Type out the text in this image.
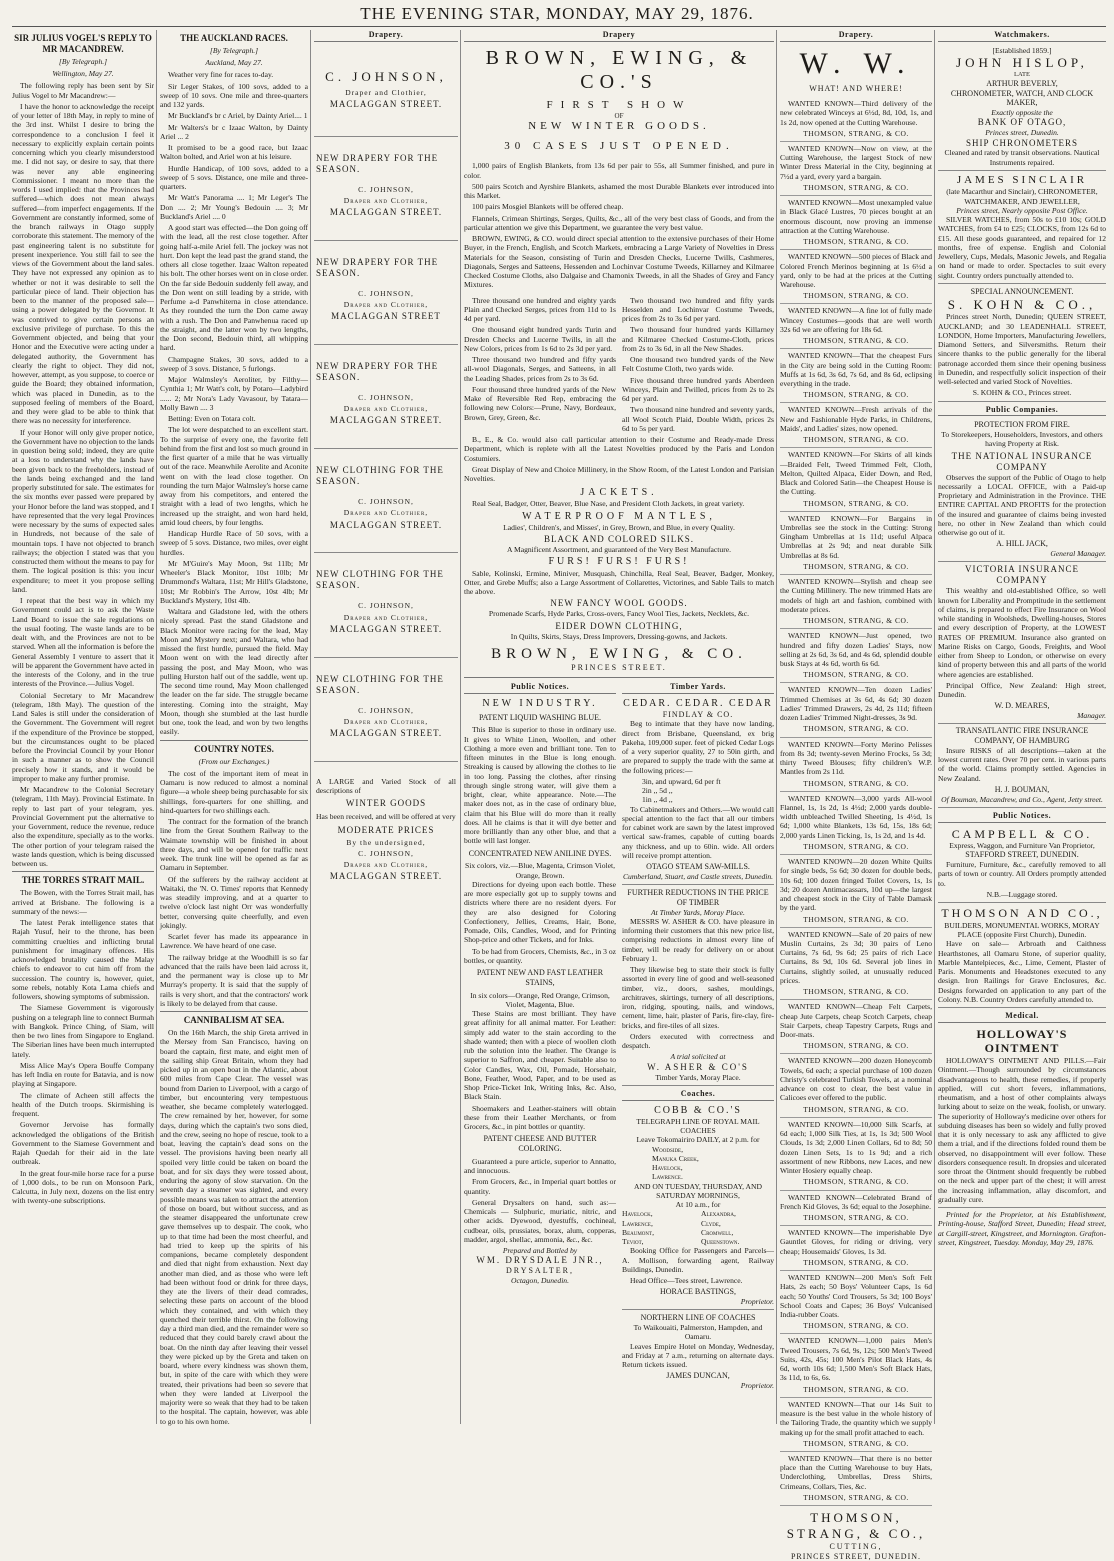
THE EVENING STAR, MONDAY, MAY 29, 1876.
SIR JULIUS VOGEL'S REPLY TO MR MACANDREW.
[By Telegraph.]
Wellington, May 27.
The following reply has been sent by Sir Julius Vogel to Mr Macandrew:—
I have the honor to acknowledge the receipt of your letter of 18th May, in reply to mine of the 3rd inst. Whilst I desire to bring the correspondence to a conclusion I feel it necessary to explicitly explain certain points concerning which you clearly misunderstood me. I did not say, or desire to say, that there was never any able engineering Commissioner. I meant no more than the words I used implied: that the Provinces had suffered—which does not mean always suffered—from imperfect engagements. If the Government are constantly informed, some of the branch railways in Otago supply corroborate this statement. The memory of the past engineering talent is no substitute for present inexperience. You still fail to see the views of the Government about the land sales. They have not expressed any opinion as to whether or not it was desirable to sell the particular piece of land. Their objection has been to the manner of the proposed sale—using a power delegated by the Governor. It was contrived to give certain persons an exclusive privilege of purchase. To this the Government objected, and being that your Honor and the Executive were acting under a delegated authority, the Government has clearly the right to object. They did not, however, attempt, as you suppose, to coerce or guide the Board; they obtained information, which was placed in Dunedin, as to the supposed feeling of members of the Board, and they were glad to be able to think that there was no necessity for interference.
If your Honor will only give proper notice, the Government have no objection to the lands in question being sold; indeed, they are quite at a loss to understand why the lands have been given back to the freeholders, instead of the lands being exchanged and the land properly substituted for sale. The estimates for the six months ever passed were prepared by your Honor before the land was stopped, and I have represented that the very legal Provinces were necessary by the sums of expected sales in Hundreds, not because of the sale of mountain tops. I have not objected to branch railways; the objection I stated was that you constructed them without the means to pay for them. The logical position is this: you incur expenditure; to meet it you propose selling land.
I repeat that the best way in which my Government could act is to ask the Waste Land Board to issue the sale regulations on the usual footing. The waste lands are to be dealt with, and the Provinces are not to be starved. When all the information is before the General Assembly I venture to assert that it will be apparent the Government have acted in the interests of the Colony, and in the true interests of the Province.—Julius Vogel.
Colonial Secretary to Mr Macandrew (telegram, 18th May). The question of the Land Sales is still under the consideration of the Government. The Government will regret if the expenditure of the Province be stopped, but the circumstances ought to be placed before the Provincial Council by your Honor in such a manner as to show the Council precisely how it stands, and it would be improper to make any further promise.
Mr Macandrew to the Colonial Secretary (telegram, 11th May). Provincial Estimate. In reply to last part of your telegram, yes. Provincial Government put the alternative to your Government, reduce the revenue, reduce also the expenditure, specially as to the works. The other portion of your telegram raised the waste lands question, which is being discussed between us.
THE TORRES STRAIT MAIL.
The Bowen, with the Torres Strait mail, has arrived at Brisbane. The following is a summary of the news:—
The latest Perak intelligence states that Rajah Yusuf, heir to the throne, has been committing cruelties and inflicting brutal punishment for imaginary offences. His acknowledged brutality caused the Malay chiefs to endeavor to cut him off from the succession. The country is, however, quiet, some rebels, notably Kota Lama chiefs and followers, showing symptoms of submission.
The Siamese Government is vigorously pushing on a telegraph line to connect Burmah with Bangkok. Prince Ching, of Siam, will then be two lines from Singapore to England. The Siberian lines have been much interrupted lately.
Miss Alice May's Opera Bouffe Company has left India en route for Batavia, and is now playing at Singapore.
The climate of Acheen still affects the health of the Dutch troops. Skirmishing is frequent.
Governor Jervoise has formally acknowledged the obligations of the British Government to the Siamese Government and Rajah Quedah for their aid in the late outbreak.
In the great four-mile horse race for a purse of 1,000 dols., to be run on Monsoon Park, Calcutta, in July next, dozens on the list entry with twenty-one subscriptions.
THE AUCKLAND RACES.
[By Telegraph.]
Auckland, May 27.
Weather very fine for races to-day.
Sir Leger Stakes, of 100 sovs, added to a sweep of 10 sovs. One mile and three-quarters and 132 yards.
Mr Buckland's br c Ariel, by Dainty Ariel.... 1
Mr Walters's br c Izaac Walton, by Dainty Ariel ... 2
It promised to be a good race, but Izaac Walton bolted, and Ariel won at his leisure.
Hurdle Handicap, of 100 sovs, added to a sweep of 5 sovs. Distance, one mile and three-quarters.
Mr Watt's Panorama .... 1; Mr Leger's The Don .... 2; Mr Young's Bedouin .... 3; Mr Buckland's Ariel .... 0
A good start was effected—the Don going off with the lead, all the rest close together. After going half-a-mile Ariel fell. The jockey was not hurt. Don kept the lead past the grand stand, the others all close together. Izaac Walton repeated his bolt. The other horses went on in close order. On the far side Bedouin suddenly fell away, and the Don went on still leading by a stride, with Perfume a-d Panwhiterna in close attendance. As they rounded the turn the Don came away with a rush. The Don and Panwhenua raced up the straight, and the latter won by two lengths, the Don second, Bedouin third, all whipping hard.
Champagne Stakes, 30 sovs, added to a sweep of 3 sovs. Distance, 5 furlongs.
Major Walmsley's Aeroliter, by Filthy—Cynthia 1; Mr Watt's colt, by Potaro—Ladybird ...... 2; Mr Nora's Lady Vavasour, by Tatara—Molly Bawn .... 3
Betting: Even on Totara colt.
The lot were despatched to an excellent start. To the surprise of every one, the favorite fell behind from the first and lost so much ground in the first quarter of a mile that he was virtually out of the race. Meanwhile Aerolite and Aconite went on with the lead close together. On rounding the turn Major Walmsley's horse came away from his competitors, and entered the straight with a lead of two lengths, which he increased up the straight, and won hard held, amid loud cheers, by four lengths.
Handicap Hurdle Race of 50 sovs, with a sweep of 5 sovs. Distance, two miles, over eight hurdles.
Mr M'Guire's May Moon, 9st 11lb; Mr Wheeler's Black Monitor, 10st 10lb; Mr Drummond's Waltara, 11st; Mr Hill's Gladstone, 10st; Mr Robbin's The Arrow, 10st 4lb; Mr Buckland's Mystery, 10st 4lb.
Waltara and Gladstone led, with the others nicely spread. Past the stand Gladstone and Black Monitor were racing for the lead, May Moon and Mystery next; and Waltara, who had missed the first hurdle, pursued the field. May Moon went on with the lead directly after passing the post, and May Moon, who was pulling Hurston half out of the saddle, went up. The second time round, May Moon challenged the leader on the far side. The struggle became interesting. Coming into the straight, May Moon, though she stumbled at the last hurdle but one, took the lead, and won by two lengths easily.
COUNTRY NOTES.
(From our Exchanges.)
The cost of the important item of meat in Oamaru is now reduced to almost a nominal figure—a whole sheep being purchasable for six shillings, fore-quarters for one shilling, and hind-quarters for two shillings each.
The contract for the formation of the branch line from the Great Southern Railway to the Waimate township will be finished in about three days, and will be opened for traffic next week. The trunk line will be opened as far as Oamaru in September.
Of the sufferers by the railway accident at Waitaki, the 'N. O. Times' reports that Kennedy was steadily improving, and at a quarter to twelve o'clock last night Orr was wonderfully better, conversing quite cheerfully, and even jokingly.
Scarlet fever has made its appearance in Lawrence. We have heard of one case.
The railway bridge at the Woodhill is so far advanced that the rails have been laid across it, and the permanent way is close up to Mr Murray's property. It is said that the supply of rails is very short, and that the contractors' work is likely to be delayed from that cause.
CANNIBALISM AT SEA.
On the 16th March, the ship Greta arrived in the Mersey from San Francisco, having on board the captain, first mate, and eight men of the sailing ship Great Britain, whom they had picked up in an open boat in the Atlantic, about 600 miles from Cape Clear. The vessel was bound from Darien to Liverpool, with a cargo of timber, but encountering very tempestuous weather, she became completely waterlogged. The crew remained by her, however, for some days, during which the captain's two sons died, and the crew, seeing no hope of rescue, took to a boat, leaving the captain's dead sons on the vessel. The provisions having been nearly all spoiled very little could be taken on board the boat, and for six days they were tossed about, enduring the agony of slow starvation. On the seventh day a steamer was sighted, and every possible means was taken to attract the attention of those on board, but without success, and as the steamer disappeared the unfortunate crew gave themselves up to despair. The cook, who up to that time had been the most cheerful, and had tried to keep up the spirits of his companions, became completely despondent and died that night from exhaustion. Next day another man died, and as those who were left had been without food or drink for three days, they ate the livers of their dead comrades, selecting these parts on account of the blood which they contained, and with which they quenched their terrible thirst. On the following day a third man died, and the remainder were so reduced that they could barely crawl about the boat. On the ninth day after leaving their vessel they were picked up by the Greta and taken on board, where every kindness was shown them, but, in spite of the care with which they were treated, their privations had been so severe that when they were landed at Liverpool the majority were so weak that they had to be taken to the hospital. The captain, however, was able to go to his own home.
Drapery.
C. JOHNSON,
Draper and Clothier,
MACLAGGAN STREET.
NEW DRAPERY FOR THE SEASON.
C. JOHNSON,
Draper and Clothier,
MACLAGGAN STREET.
NEW DRAPERY FOR THE SEASON.
C. JOHNSON,
Draper and Clothier,
MACLAGGAN STREET
NEW DRAPERY FOR THE SEASON.
C. JOHNSON,
Draper and Clothier,
MACLAGGAN STREET.
NEW CLOTHING FOR THE SEASON.
C. JOHNSON,
Draper and Clothier,
MACLAGGAN STREET.
NEW CLOTHING FOR THE SEASON.
C. JOHNSON,
Draper and Clothier,
MACLAGGAN STREET.
NEW CLOTHING FOR THE SEASON.
C. JOHNSON,
Draper and Clothier,
MACLAGGAN STREET.
A LARGE and Varied Stock of all descriptions of
WINTER GOODS
Has been received, and will be offered at very
MODERATE PRICES
By the undersigned,
C. JOHNSON,
Draper and Clothier,
MACLAGGAN STREET.
Drapery
BROWN, EWING, & CO.'S
FIRST SHOW
OF
NEW WINTER GOODS.
30 CASES JUST OPENED.
1,000 pairs of English Blankets, from 13s 6d per pair to 55s, all Summer finished, and pure in color.
500 pairs Scotch and Ayrshire Blankets, ashamed the most Durable Blankets ever introduced into this Market.
100 pairs Mosgiel Blankets will be offered cheap.
Flannels, Crimean Shirtings, Serges, Quilts, &c., all of the very best class of Goods, and from the particular attention we give this Department, we guarantee the very best value.
BROWN, EWING, & CO. would direct special attention to the extensive purchases of their Home Buyer, in the French, English, and Scotch Markets, embracing a Large Variety of Novelties in Dress Materials for the Season, consisting of Turin and Dresden Checks, Lucerne Twills, Cashmeres, Diagonals, Serges and Satteens, Hessenden and Lochinvar Costume Tweeds, Killarney and Kilmaree Checked Costume Cloths, also Dalgaise and Chamonix Tweeds, in all the Shades of Grey and Fancy Mixtures.
Three thousand one hundred and eighty yards Plain and Checked Serges, prices from 11d to 1s 4d per yard.
One thousand eight hundred yards Turin and Dresden Checks and Lucerne Twills, in all the New Colors, prices from 1s 6d to 2s 3d per yard.
Three thousand two hundred and fifty yards all-wool Diagonals, Serges, and Satteens, in all the Leading Shades, prices from 2s to 3s 6d.
Four thousand three hundred yards of the New Make of Reversible Red Rep, embracing the following new Colors:—Prune, Navy, Bordeaux, Brown, Grey, Green, &c.
Two thousand two hundred and fifty yards Hesselden and Lochinvar Costume Tweeds, prices from 2s to 3s 6d per yard.
Two thousand four hundred yards Killarney and Kilmaree Checked Costume-Cloth, prices from 2s to 3s 6d, in all the New Shades.
One thousand two hundred yards of the New Felt Costume Cloth, two yards wide.
Five thousand three hundred yards Aberdeen Winceys, Plain and Twilled, prices from 2s to 2s 6d per yard.
Two thousand nine hundred and seventy yards, all Wool Scotch Plaid, Double Width, prices 2s 6d to 5s per yard.
B., E., & Co. would also call particular attention to their Costume and Ready-made Dress Department, which is replete with all the Latest Novelties produced by the Paris and London Costumiers.
Great Display of New and Choice Millinery, in the Show Room, of the Latest London and Parisian Novelties.
JACKETS.
Real Seal, Badger, Otter, Beaver, Blue Nase, and President Cloth Jackets, in great variety.
WATERPROOF MANTLES,
Ladies', Children's, and Misses', in Grey, Brown, and Blue, in every Quality.
BLACK AND COLORED SILKS.
A Magnificent Assortment, and guaranteed of the Very Best Manufacture.
FURS! FURS! FURS!
Sable, Kolinski, Ermine, Miniver, Musquash, Chinchilla, Real Seal, Beaver, Badger, Monkey, Otter, and Grebe Muffs; also a Large Assortment of Collarettes, Victorines, and Sable Tails to match the above.
NEW FANCY WOOL GOODS.
Promenade Scarfs, Hyde Parks, Cross-overs, Fancy Wool Ties, Jackets, Necklets, &c.
EIDER DOWN CLOTHING,
In Quilts, Skirts, Stays, Dress Improvers, Dressing-gowns, and Jackets.
BROWN, EWING, & CO.
PRINCES STREET.
Public Notices.
NEW INDUSTRY.
PATENT LIQUID WASHING BLUE.
This Blue is superior to those in ordinary use. It gives to White Linen, Woollen, and other Clothing a more even and brilliant tone. Ten to fifteen minutes in the Blue is long enough. Streaking is caused by allowing the clothes to lie in too long. Passing the clothes, after rinsing through single strong water, will give them a bright, clear, white appearance. Note.—The maker does not, as in the case of ordinary blue, claim that his Blue will do more than it really does. All he claims is that it will dye better and more brilliantly than any other blue, and that a bottle will last longer.
CONCENTRATED NEW ANILINE DYES.
Six colors, viz.—Blue, Magenta, Crimson Violet, Orange, Brown.
Directions for dyeing upon each bottle. These are more especially got up to supply towns and districts where there are no resident dyers. For they are also designed for Coloring Confectionery, Jellies, Creams, Hair, Bone, Pomade, Oils, Candles, Wood, and for Printing Shop-price and other Tickets, and for Inks.
To be had from Grocers, Chemists, &c., in 3 oz bottles, or quantity.
PATENT NEW AND FAST LEATHER STAINS,
In six colors—Orange, Red Orange, Crimson, Violet, Magenta, Blue.
These Stains are most brilliant. They have great affinity for all animal matter. For Leather: simply add water to the stain according to the shade wanted; then with a piece of woollen cloth rub the solution into the leather. The Orange is superior to Saffron, and cheaper. Suitable also to Color Candles, Wax, Oil, Pomade, Horsehair, Bone, Feather, Wood, Paper, and to be used as Shop Price-Ticket Ink, Writing Inks, &c. Also, Black Stain.
Shoemakers and Leather-stainers will obtain these from their Leather Merchants, or from Grocers, &c., in pint bottles or quantity.
PATENT CHEESE AND BUTTER COLORING.
Guaranteed a pure article, superior to Annatto, and innocuous.
From Grocers, &c., in Imperial quart bottles or quantity.
General Drysalters on hand, such as:—Chemicals — Sulphuric, muriatic, nitric, and other acids. Dyewood, dyestuffs, cochineal, cudbear, oils, prussiates, borax, alum, copperas, madder, argol, shellac, ammonia, &c., &c.
Prepared and Bottled by
WM. DRYSDALE JNR.,
DRYSALTER,
Octagon, Dunedin.
Timber Yards.
CEDAR. CEDAR. CEDAR
FINDLAY & CO.
Beg to intimate that they have now landing, direct from Brisbane, Queensland, ex brig Pakeha, 109,000 super. feet of picked Cedar Logs of a very superior quality, 27 to 50in girth, and are prepared to supply the trade with the same at the following prices:—
3in, and upward, 6d per ft
2in ,, 5d ,,
1in ,, 4d ,,
To Cabinetmakers and Others.—We would call special attention to the fact that all our timbers for cabinet work are sawn by the latest improved vertical saw-frames, capable of cutting boards any thickness, and up to 60in. wide. All orders will receive prompt attention.
OTAGO STEAM SAW-MILLS.
Cumberland, Stuart, and Castle streets, Dunedin.
FURTHER REDUCTIONS IN THE PRICE OF TIMBER
At Timber Yards, Moray Place.
MESSRS W. ASHER & CO. have pleasure in informing their customers that this new price list, comprising reductions in almost every line of timber, will be ready for delivery on or about February 1.
They likewise beg to state their stock is fully assorted in every line of good and well-seasoned timber, viz., doors, sashes, mouldings, architraves, skirtings, turnery of all descriptions, iron, ridging, spouting, nails, and windows, cement, lime, hair, plaster of Paris, fire-clay, fire-bricks, and fire-tiles of all sizes.
Orders executed with correctness and despatch.
A trial solicited at
W. ASHER & CO'S
Timber Yards, Moray Place.
Coaches.
COBB & CO.'S
TELEGRAPH LINE OF ROYAL MAIL COACHES
Leave Tokomairiro DAILY, at 2 p.m. for
Woodside,
Manuka Creek,
Havelock,
Lawrence.
AND ON TUESDAY, THURSDAY, AND SATURDAY MORNINGS,
At 10 a.m., for
Havelock,
Lawrence,
Beaumont,
Teviot,
Alexandra,
Clyde,
Cromwell,
Queenstown.
Booking Office for Passengers and Parcels—A. Mollison, forwarding agent, Railway Buildings, Dunedin.
Head Office—Tees street, Lawrence.
HORACE BASTINGS,
Proprietor.
NORTHERN LINE OF COACHES
To Waikouaiti, Palmerston, Hampden, and Oamaru.
Leaves Empire Hotel on Monday, Wednesday, and Friday at 7 a.m., returning on alternate days. Return tickets issued.
JAMES DUNCAN,
Proprietor.
Drapery.
W. W.
WHAT! AND WHERE!
WANTED KNOWN—Third delivery of the new celebrated Winceys at 6½d, 8d, 10d, 1s, and 1s 2d, now opened at the Cutting Warehouse.
THOMSON, STRANG, & CO.
WANTED KNOWN—Now on view, at the Cutting Warehouse, the largest Stock of new Winter Dress Material in the City, beginning at 7½d a yard, every yard a bargain.
THOMSON, STRANG, & CO.
WANTED KNOWN—Most unexampled value in Black Glacé Lustres, 70 pieces bought at an enormous discount, now proving an immense attraction at the Cutting Warehouse.
THOMSON, STRANG, & CO.
WANTED KNOWN—500 pieces of Black and Colored French Merinos beginning at 1s 6½d a yard, only to be had at the prices at the Cutting Warehouse.
THOMSON, STRANG, & CO.
WANTED KNOWN—A fine lot of fully made Wincey Costumes—goods that are well worth 32s 6d we are offering for 18s 6d.
THOMSON, STRANG, & CO.
WANTED KNOWN—That the cheapest Furs in the City are being sold in the Cutting Room: Muffs at 1s 6d, 3s 6d, 7s 6d, and 8s 6d, eclipsing everything in the trade.
THOMSON, STRANG, & CO.
WANTED KNOWN—Fresh arrivals of the New and Fashionable Hyde Parks, in Childrens, Maids', and Ladies' sizes, now opened.
THOMSON, STRANG, & CO.
WANTED KNOWN—For Skirts of all kinds—Braided Felt, Tweed Trimmed Felt, Cloth, Melton, Quilted Alpaca, Eider Down, and Red, Black and Colored Satin—the Cheapest House is the Cutting.
THOMSON, STRANG, & CO.
WANTED KNOWN—For Bargains in Umbrellas see the stock in the Cutting: Strong Gingham Umbrellas at 1s 11d; useful Alpaca Umbrellas at 2s 9d; and neat durable Silk Umbrellas at 8s 6d.
THOMSON, STRANG, & CO.
WANTED KNOWN—Stylish and cheap see the Cutting Millinery. The new trimmed Hats are models of high art and fashion, combined with moderate prices.
THOMSON, STRANG, & CO.
WANTED KNOWN—Just opened, two hundred and fifty dozen Ladies' Stays, now selling at 2s 6d, 3s 6d, and 4s 6d, splendid double busk Stays at 4s 6d, worth 6s 6d.
THOMSON, STRANG, & CO.
WANTED KNOWN—Ten dozen Ladies' Trimmed Chemises at 3s 6d, 4s 6d; 30 dozen Ladies' Trimmed Drawers, 2s 4d, 2s 11d; fifteen dozen Ladies' Trimmed Night-dresses, 3s 9d.
THOMSON, STRANG, & CO.
WANTED KNOWN—Forty Merino Pelisses from 8s 3d; twenty-seven Merino Frocks, 5s 3d; thirty Tweed Blouses; fifty children's W.P. Mantles from 2s 11d.
THOMSON, STRANG, & CO.
WANTED KNOWN—3,000 yards All-wool Flannel, 1s, 1s 2d, 1s 4½d; 2,000 yards double-width unbleached Twilled Sheeting, 1s 4½d, 1s 6d; 1,000 white Blankets, 13s 6d, 15s, 18s 6d; 2,000 yards Linen Ticking, 1s, 1s 2d, and 1s 4d.
THOMSON, STRANG, & CO.
WANTED KNOWN—20 dozen White Quilts for single beds, 5s 6d; 30 dozen for double beds, 10s 6d; 100 dozen fringed Toilet Covers, 1s, 1s 3d; 20 dozen Antimacassars, 10d up—the largest and cheapest stock in the City of Table Damask by the yard.
THOMSON, STRANG, & CO.
WANTED KNOWN—Sale of 20 pairs of new Muslin Curtains, 2s 3d; 30 pairs of Leno Curtains, 7s 6d, 9s 6d; 25 pairs of rich Lace Curtains, 8s 9d, 10s 6d. Several job lines in Curtains, slightly soiled, at unusually reduced prices.
THOMSON, STRANG, & CO.
WANTED KNOWN—Cheap Felt Carpets, cheap Jute Carpets, cheap Scotch Carpets, cheap Stair Carpets, cheap Tapestry Carpets, Rugs and Door-mats.
THOMSON, STRANG, & CO.
WANTED KNOWN—200 dozen Honeycomb Towels, 6d each; a special purchase of 100 dozen Christy's celebrated Turkish Towels, at a nominal advance on cost to clear, the best value in Calicoes ever offered to the public.
THOMSON, STRANG, & CO.
WANTED KNOWN—10,000 Silk Scarfs, at 6d each; 1,000 Silk Ties, at 1s, 1s 3d; 500 Wool Clouds, 1s 3d; 2,000 Linen Collars, 6d to 8d; 50 dozen Linen Sets, 1s to 1s 9d; and a rich assortment of new Ribbons, new Laces, and new Winter Hosiery equally cheap.
THOMSON, STRANG, & CO.
WANTED KNOWN—Celebrated Brand of French Kid Gloves, 3s 6d; equal to the Josephine.
THOMSON, STRANG, & CO.
WANTED KNOWN—The imperishable Dye Gauntlet Gloves, for riding or driving, very cheap; Housemaids' Gloves, 1s 3d.
THOMSON, STRANG, & CO.
WANTED KNOWN—200 Men's Soft Felt Hats, 2s each; 50 Boys' Volunteer Caps, 1s 6d each; 50 Youths' Cord Trousers, 5s 3d; 100 Boys' School Coats and Capes; 36 Boys' Vulcanised India-rubber Coats.
THOMSON, STRANG, & CO.
WANTED KNOWN—1,000 pairs Men's Tweed Trousers, 7s 6d, 9s, 12s; 500 Men's Tweed Suits, 42s, 45s; 100 Men's Pilot Black Hats, 4s 6d, worth 10s 6d; 1,500 Men's Soft Black Hats, 3s 11d, to 6s, 6s.
THOMSON, STRANG, & CO.
WANTED KNOWN—That our 14s Suit to measure is the best value in the whole history of the Tailoring Trade, the quantity which we supply making up for the small profit attached to each.
THOMSON, STRANG, & CO.
WANTED KNOWN—That there is no better place than the Cutting Warehouse to buy Hats, Underclothing, Umbrellas, Dress Shirts, Crimeans, Collars, Ties, &c.
THOMSON, STRANG, & CO.
THOMSON, STRANG, & CO.,
CUTTING,
PRINCES STREET, DUNEDIN.
Watchmakers.
[Established 1859.]
JOHN HISLOP,
LATE
ARTHUR BEVERLY,
CHRONOMETER, WATCH, AND CLOCK MAKER,
Exactly opposite the
BANK OF OTAGO,
Princes street, Dunedin.
SHIP CHRONOMETERS
Cleaned and rated by transit observations. Nautical Instruments repaired.
JAMES SINCLAIR
(late Macarthur and Sinclair), CHRONOMETER, WATCHMAKER, AND JEWELLER,
Princes street, Nearly opposite Post Office.
SILVER WATCHES, from 50s to £10 10s; GOLD WATCHES, from £4 to £25; CLOCKS, from 12s 6d to £15. All these goods guaranteed, and repaired for 12 months, free of expense. English and Colonial Jewellery, Cups, Medals, Masonic Jewels, and Regalia on hand or made to order. Spectacles to suit every sight. Country orders punctually attended to.
SPECIAL ANNOUNCEMENT.
S. KOHN & CO.,
Princes street North, Dunedin; QUEEN STREET, AUCKLAND; and 30 LEADENHALL STREET, LONDON, Home Importers, Manufacturing Jewellers, Diamond Setters, and Silversmiths. Return their sincere thanks to the public generally for the liberal patronage accorded them since their opening business in Dunedin, and respectfully solicit inspection of their well-selected and varied Stock of Novelties.
S. KOHN & CO., Princes street.
Public Companies.
PROTECTION FROM FIRE.
To Storekeepers, Householders, Investors, and others having Property at Risk.
THE NATIONAL INSURANCE COMPANY
Observes the support of the Public of Otago to help necessarily a LOCAL OFFICE, with a Paid-up Proprietary and Administration in the Province. THE ENTIRE CAPITAL AND PROFITS for the protection of the insured and guarantee of claims being invested here, no other in New Zealand than which could otherwise go out of it.
A. HILL JACK,
General Manager.
VICTORIA INSURANCE COMPANY
This wealthy and old-established Office, so well known for Liberality and Promptitude in the settlement of claims, is prepared to effect Fire Insurance on Wool while standing in Woolsheds, Dwelling-houses, Stores and every description of Property, at the LOWEST RATES OF PREMIUM. Insurance also granted on Marine Risks on Cargo, Goods, Freights, and Wool either from Sheep to London, or otherwise on every kind of property between this and all parts of the world where agencies are established.
Principal Office, New Zealand: High street, Dunedin.
W. D. MEARES,
Manager.
TRANSATLANTIC FIRE INSURANCE COMPANY, OF HAMBURG
Insure RISKS of all descriptions—taken at the lowest current rates. Over 70 per cent. in various parts of the world. Claims promptly settled. Agencies in New Zealand.
H. J. BOUMAN,
Of Bouman, Macandrew, and Co., Agent, Jetty street.
Public Notices.
CAMPBELL & CO.
Express, Waggon, and Furniture Van Proprietor,
STAFFORD STREET, DUNEDIN.
Furniture, Furniture, &c., carefully removed to all parts of town or country. All Orders promptly attended to.
N.B.—Luggage stored.
THOMSON AND CO.,
BUILDERS, MONUMENTAL WORKS, MORAY PLACE (opposite First Church), Dunedin.
Have on sale— Arbroath and Caithness Hearthstones, all Oamaru Stone, of superior quality, Marble Mantelpieces, &c., Lime, Cement, Plaster of Paris. Monuments and Headstones executed to any design. Iron Railings for Grave Enclosures, &c. Designs forwarded on application to any part of the Colony. N.B. Country Orders carefully attended to.
Medical.
HOLLOWAY'S OINTMENT
HOLLOWAY'S OINTMENT AND PILLS.—Fair Ointment.—Though surrounded by circumstances disadvantageous to health, these remedies, if properly applied, will cut short fevers, inflammations, rheumatism, and a host of other complaints always lurking about to seize on the weak, foolish, or unwary. The superiority of Holloway's medicine over others for subduing diseases has been so widely and fully proved that it is only necessary to ask any afflicted to give them a trial, and if the directions folded round them be observed, no disappointment will ever follow. These disorders consequence result. In dropsies and ulcerated sore throat the Ointment should frequently be rubbed on the neck and upper part of the chest; it will arrest the increasing inflammation, allay discomfort, and gradually cure.
Printed for the Proprietor, at his Establishment, Printing-house, Stafford Street, Dunedin; Head street, at Cargill-street, Kingstreet, and Mornington. Grafton-street, Kingstreet, Tuesday. Monday, May 29, 1876.
